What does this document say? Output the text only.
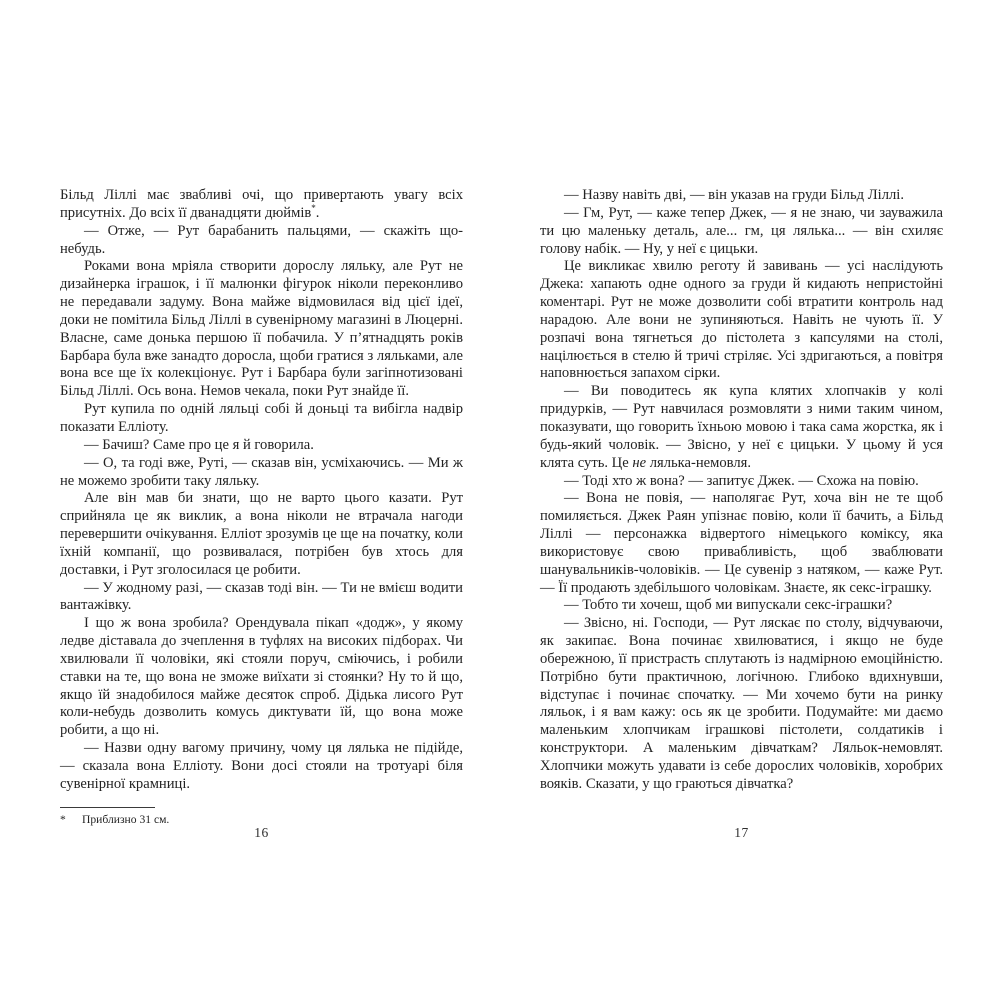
Більд Ліллі має звабливі очі, що привертають увагу всіх присутніх. До всіх її дванадцяти дюймів*.

— Отже, — Рут барабанить пальцями, — скажіть що-небудь.

Роками вона мріяла створити дорослу ляльку, але Рут не дизайнерка іграшок, і її малюнки фігурок ніколи переконливо не передавали задуму. Вона майже відмовилася від цієї ідеї, доки не помітила Більд Ліллі в сувенірному магазині в Люцерні. Власне, саме донька першою її побачила. У п’ятнадцять років Барбара була вже занадто доросла, щоби гратися з ляльками, але вона все ще їх колекціонує. Рут і Барбара були загіпнотизовані Більд Ліллі. Ось вона. Немов чекала, поки Рут знайде її.

Рут купила по одній ляльці собі й доньці та вибігла надвір показати Елліоту.

— Бачиш? Саме про це я й говорила.

— О, та годі вже, Руті, — сказав він, усміхаючись. — Ми ж не можемо зробити таку ляльку.

Але він мав би знати, що не варто цього казати. Рут сприйняла це як виклик, а вона ніколи не втрачала нагоди перевершити очікування. Елліот зрозумів це ще на початку, коли їхній компанії, що розвивалася, потрібен був хтось для доставки, і Рут зголосилася це робити.

— У жодному разі, — сказав тоді він. — Ти не вмієш водити вантажівку.

І що ж вона зробила? Орендувала пікап «додж», у якому ледве діставала до зчеплення в туфлях на високих підборах. Чи хвилювали її чоловіки, які стояли поруч, сміючись, і робили ставки на те, що вона не зможе виїхати зі стоянки? Ну то й що, якщо їй знадобилося майже десяток спроб. Дідька лисого Рут коли-небудь дозволить комусь диктувати їй, що вона може робити, а що ні.

— Назви одну вагому причину, чому ця лялька не підійде, — сказала вона Елліоту. Вони досі стояли на тротуарі біля сувенірної крамниці.

*	Приблизно 31 см.
16

— Назву навіть дві, — він указав на груди Більд Ліллі.

— Гм, Рут, — каже тепер Джек, — я не знаю, чи зауважила ти цю маленьку деталь, але... гм, ця лялька... — він схиляє голову набік. — Ну, у неї є цицьки.

Це викликає хвилю реготу й завивань — усі наслідують Джека: хапають одне одного за груди й кидають непристойні коментарі. Рут не може дозволити собі втратити контроль над нарадою. Але вони не зупиняються. Навіть не чують її. У розпачі вона тягнеться до пістолета з капсулями на столі, націлюється в стелю й тричі стріляє. Усі здригаються, а повітря наповнюється запахом сірки.

— Ви поводитесь як купа клятих хлопчаків у колі придурків, — Рут навчилася розмовляти з ними таким чином, показувати, що говорить їхньою мовою і така сама жорстка, як і будь-який чоловік. — Звісно, у неї є цицьки. У цьому й уся клята суть. Це не лялька-немовля.

— Тоді хто ж вона? — запитує Джек. — Схожа на повію.

— Вона не повія, — наполягає Рут, хоча він не те щоб помиляється. Джек Раян упізнає повію, коли її бачить, а Більд Ліллі — персонажка відвертого німецького коміксу, яка використовує свою привабливість, щоб зваблювати шанувальників-чоловіків. — Це сувенір з натяком, — каже Рут. — Її продають здебільшого чоловікам. Знаєте, як секс-іграшку.

— Тобто ти хочеш, щоб ми випускали секс-іграшки?

— Звісно, ні. Господи, — Рут ляскає по столу, відчуваючи, як закипає. Вона починає хвилюватися, і якщо не буде обережною, її пристрасть сплутають із надмірною емоційністю. Потрібно бути практичною, логічною. Глибоко вдихнувши, відступає і починає спочатку. — Ми хочемо бути на ринку ляльок, і я вам кажу: ось як це зробити. Подумайте: ми даємо маленьким хлопчикам іграшкові пістолети, солдатиків і конструктори. А маленьким дівчаткам? Ляльок-немовлят. Хлопчики можуть удавати із себе дорослих чоловіків, хоробрих вояків. Сказати, у що граються дівчатка?

17
